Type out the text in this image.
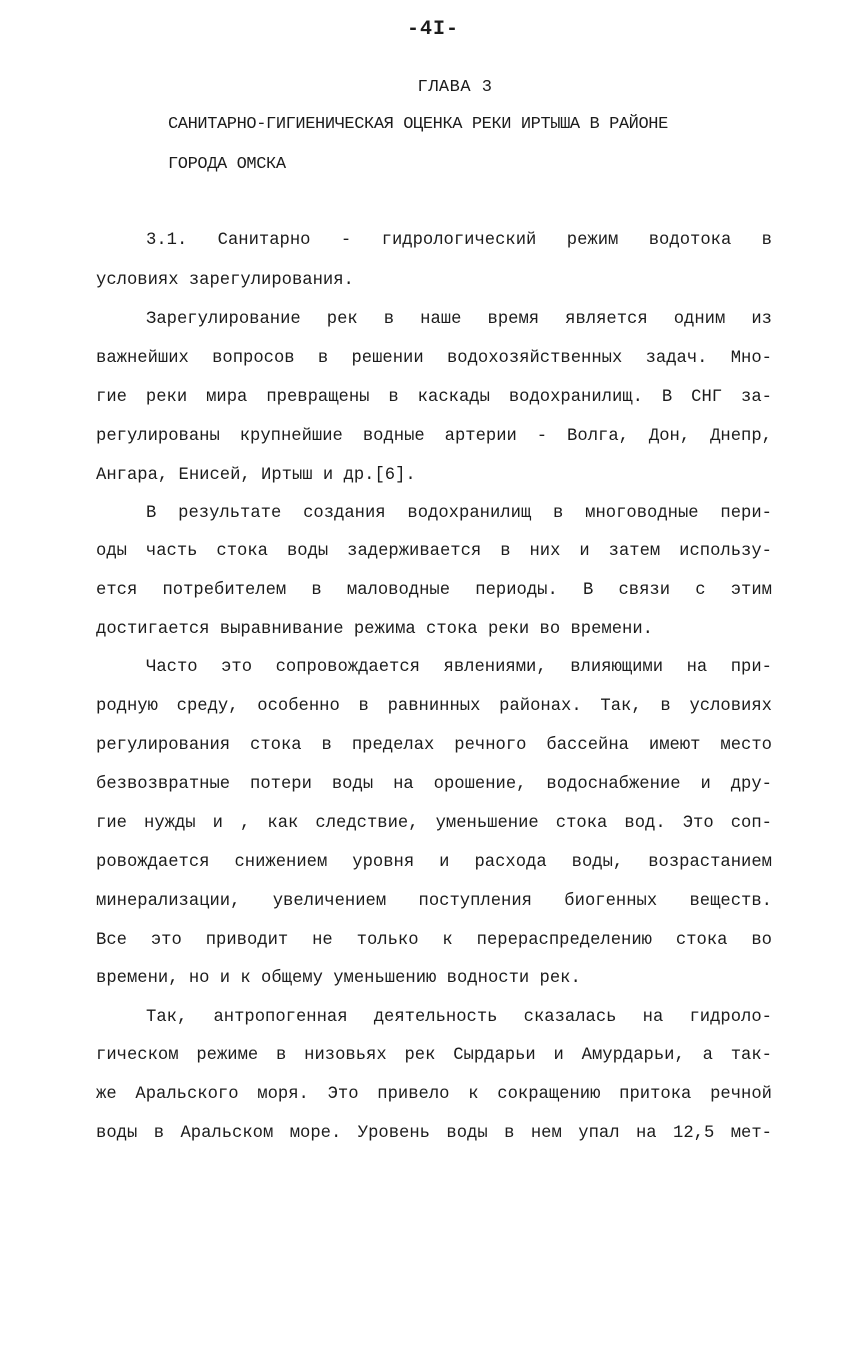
-4I-
ГЛАВА 3
САНИТАРНО-ГИГИЕНИЧЕСКАЯ ОЦЕНКА РЕКИ ИРТЫША В РАЙОНЕ
ГОРОДА ОМСКА
3.1. Санитарно - гидрологический режим водотока в
условиях зарегулирования.
Зарегулирование рек в наше время является одним из
важнейших вопросов в решении водохозяйственных задач. Мно-
гие реки мира превращены в каскады водохранилищ. В СНГ за-
регулированы крупнейшие водные артерии - Волга, Дон, Днепр,
Ангара, Енисей, Иртыш и др.[6].
В результате создания водохранилищ в многоводные пери-
оды часть стока воды задерживается в них и затем использу-
ется потребителем в маловодные периоды. В связи с этим
достигается выравнивание режима стока реки во времени.
Часто это сопровождается явлениями, влияющими на при-
родную среду, особенно в равнинных районах. Так, в условиях
регулирования стока в пределах речного бассейна имеют место
безвозвратные потери воды на орошение, водоснабжение и дру-
гие нужды и , как следствие, уменьшение стока вод. Это соп-
ровождается снижением уровня и расхода воды, возрастанием
минерализации, увеличением поступления биогенных веществ.
Все это приводит не только к перераспределению стока во
времени, но и к общему уменьшению водности рек.
Так, антропогенная деятельность сказалась на гидроло-
гическом режиме в низовьях рек Сырдарьи и Амурдарьи, а так-
же Аральского моря. Это привело к сокращению притока речной
воды в Аральском море. Уровень воды в нем упал на 12,5 мет-
